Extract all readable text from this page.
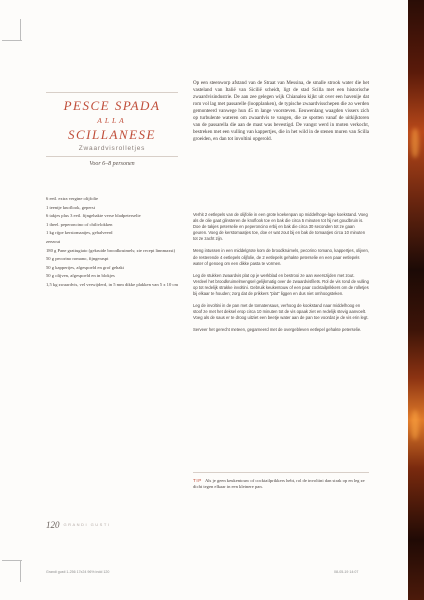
PESCE SPADA
ALLA
SCILLANESE
Zwaardvisrolletjes
Voor 6–8 personen
6 eetl. extra vergine olijfolie
1 teentje knoflook, geperst
6 takjes plus 3 eetl. fijngehakte verse bladpeterselie
1 theel. peperoncino of chilivlokken
1 kg rijpe kerstomaatjes, gehalveerd
zeezout
180 g Pane grattugiato (gekruide broodkruimels; zie recept linnmaxst)
50 g pecorino romano, fijngeraspt
50 g kappertjes, afgespoeld en grof gehakt
50 g olijven, afgespoeld en in blokjes
1,5 kg zwaardvis, vel verwijderd, in 5 mm dikke plakken van 5 x 10 cm

Op een steenworp afstand van de Straat van Messina, de smalle strook water die het vasteland van Italië van Sicilië scheidt, ligt de stad Scilla met een historische zwaardvisindustrie. De aan zee gelegen wijk Chianalea kijkt uit over een havenije dat rom vol lag met passarelle (loopplanken), de typische zwaardvisschepen die zo werden gemonteerd vanwege hun 45 m lange voorsteven. Eeuwenlang waagden vissers zich op turbulente wateren om zwaardvis te vangen, die ze spotten vanaf de uitkijktoren van de passarella die aan de mast was bevestigd. De vangst werd in moten verkocht, bestreken met een vulling van kappertjes, die in het wild in de stenen muren van Scilla groeiden, en dan tot involtini opgerold.

Verhit 2 eetlepels van de olijfolie in een grote koekenpan op middelhoge-lage koekstand. Voeg als de olie gaat glinsteren de knoflook toe en bak die circa 5 minuten tot hij net goudbruin is. Doe de takjes peterselie en peperoncino erbij en bak die circa 30 seconden tot ze gaan geuren. Voeg de kerstomaatjes toe, doe er wat zout bij en bak de tomaatjes circa 10 minuten tot ze zacht zijn.

Meng intussen in een middelgrote kom de broodkruimels, pecorino romano, kappertjes, olijven, de resterende 4 eetlepels olijfolie, de 2 eetlepels gehakte peterselie en een paar eetlepels water of genoeg om een dikke pasta te vormen.

Leg de stukken zwaardvis plat op je werkblad en bestrooi ze aan weerszijden met zout. Verdeel het broodkruimelmengsel gelijkmatig over de zwaardvisfilets. Rol de vis rond de vulling op tot redelijk strakke involtini. Gebruik keukentouw of een paar cocktailprikkers om de rolletjes bij elkaar te houden; zorg dat de prikkers "plat" liggen en dus niet omhoogsteken.

Leg de involtini in de pan met de tomatensaus, verhoog de kookstand naar middelhoog en stoof ze met het deksel erop circa 10 minuten tot de vis opaak ziet en redelijk stevig aanvoelt. Voeg als de saus er te droog uitziet een beetje water aan de pan toe voordat je de vis erin legt.

Serveer het gerecht meteen, gegarneerd met de overgebleven eetlepel gehakte peterselie.

TIP Als je geen keukentouw of cocktailprikkers hebt, rol de involtini dan strak op en leg ze dicht tegen elkaar in een kleinere pan.

120 GRANDI GUSTI
Grandi gusti 1-256 17x24 96% indd 120	08-05-19 14:07
